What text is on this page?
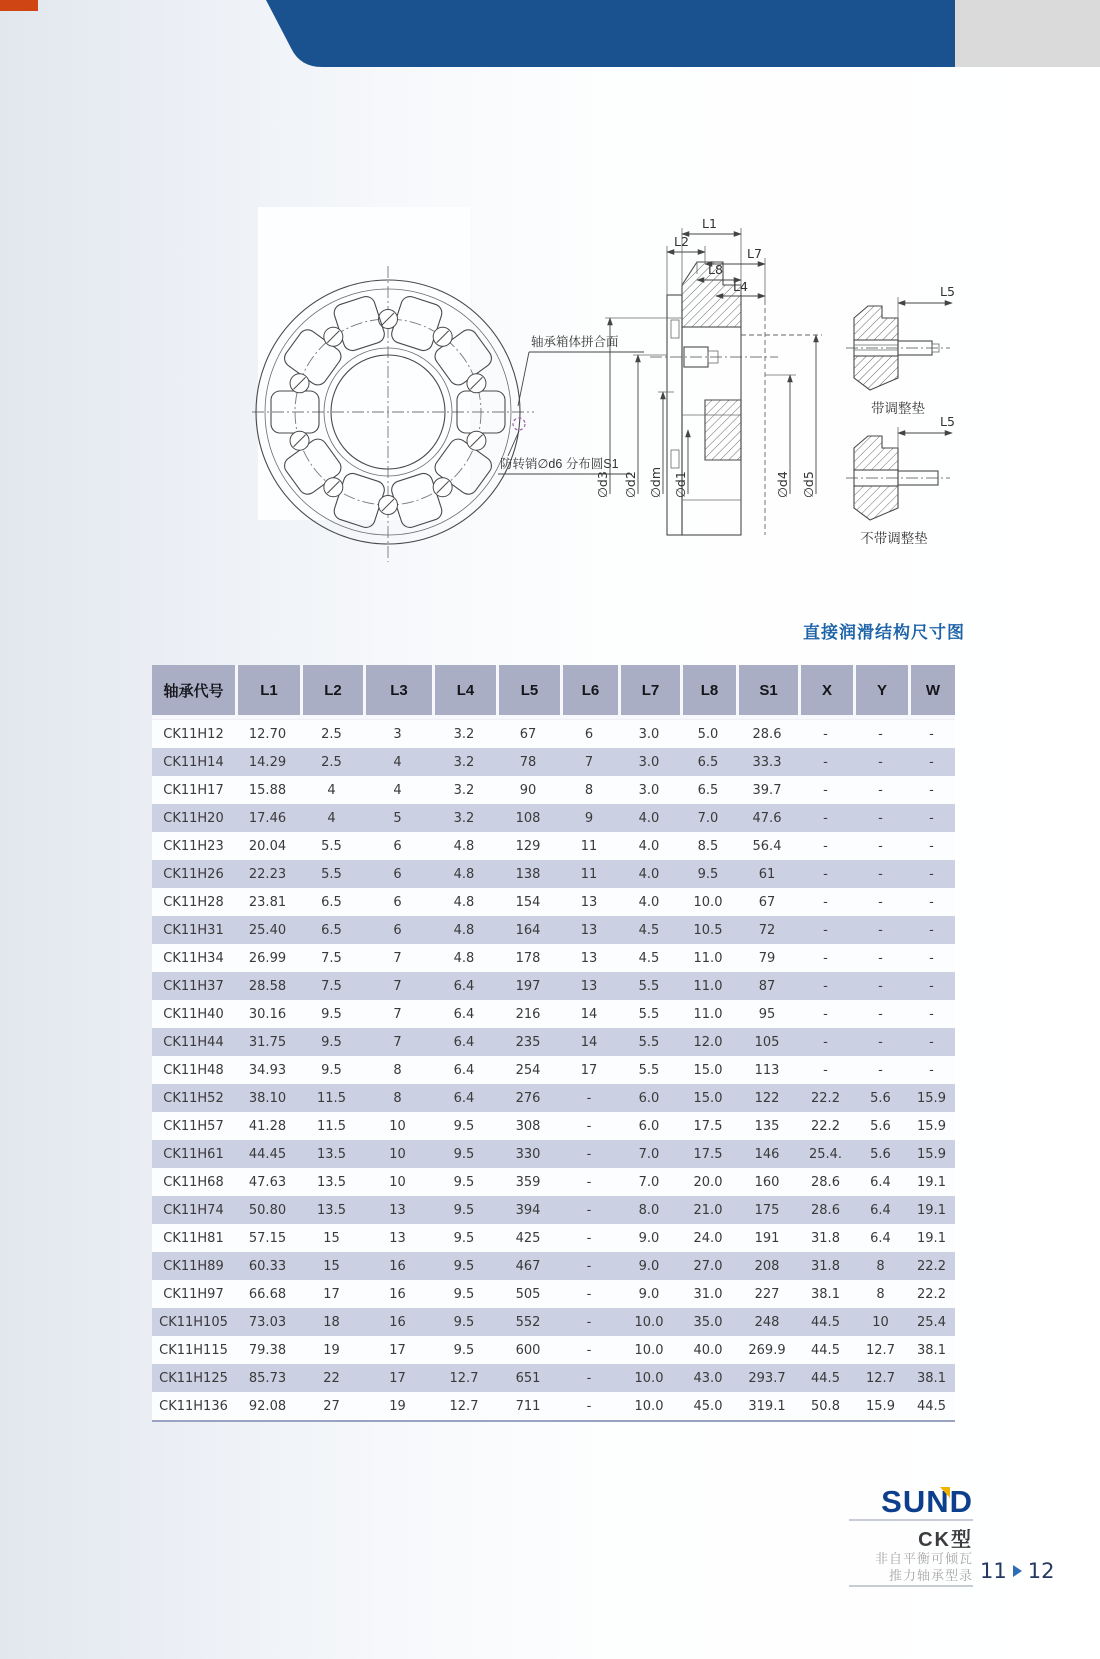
轴承箱体拼合面
防转销∅d6 分布圆S1
L1
L2
L7
L8
L4
∅d3 ∅d2 ∅dm ∅d1	∅d4 ∅d5
L5
带调整垫
L5
不带调整垫
直接润滑结构尺寸图
轴承代号	L1	L2	L3	L4	L5	L6	L7	L8	S1	X	Y	W
CK11H12	12.70	2.5	3	3.2	67	6	3.0	5.0	28.6	-	-	-
CK11H14	14.29	2.5	4	3.2	78	7	3.0	6.5	33.3	-	-	-
CK11H17	15.88	4	4	3.2	90	8	3.0	6.5	39.7	-	-	-
CK11H20	17.46	4	5	3.2	108	9	4.0	7.0	47.6	-	-	-
CK11H23	20.04	5.5	6	4.8	129	11	4.0	8.5	56.4	-	-	-
CK11H26	22.23	5.5	6	4.8	138	11	4.0	9.5	61	-	-	-
CK11H28	23.81	6.5	6	4.8	154	13	4.0	10.0	67	-	-	-
CK11H31	25.40	6.5	6	4.8	164	13	4.5	10.5	72	-	-	-
CK11H34	26.99	7.5	7	4.8	178	13	4.5	11.0	79	-	-	-
CK11H37	28.58	7.5	7	6.4	197	13	5.5	11.0	87	-	-	-
CK11H40	30.16	9.5	7	6.4	216	14	5.5	11.0	95	-	-	-
CK11H44	31.75	9.5	7	6.4	235	14	5.5	12.0	105	-	-	-
CK11H48	34.93	9.5	8	6.4	254	17	5.5	15.0	113	-	-	-
CK11H52	38.10	11.5	8	6.4	276	-	6.0	15.0	122	22.2	5.6	15.9
CK11H57	41.28	11.5	10	9.5	308	-	6.0	17.5	135	22.2	5.6	15.9
CK11H61	44.45	13.5	10	9.5	330	-	7.0	17.5	146	25.4.	5.6	15.9
CK11H68	47.63	13.5	10	9.5	359	-	7.0	20.0	160	28.6	6.4	19.1
CK11H74	50.80	13.5	13	9.5	394	-	8.0	21.0	175	28.6	6.4	19.1
CK11H81	57.15	15	13	9.5	425	-	9.0	24.0	191	31.8	6.4	19.1
CK11H89	60.33	15	16	9.5	467	-	9.0	27.0	208	31.8	8	22.2
CK11H97	66.68	17	16	9.5	505	-	9.0	31.0	227	38.1	8	22.2
CK11H105	73.03	18	16	9.5	552	-	10.0	35.0	248	44.5	10	25.4
CK11H115	79.38	19	17	9.5	600	-	10.0	40.0	269.9	44.5	12.7	38.1
CK11H125	85.73	22	17	12.7	651	-	10.0	43.0	293.7	44.5	12.7	38.1
CK11H136	92.08	27	19	12.7	711	-	10.0	45.0	319.1	50.8	15.9	44.5
SUN
D
CK型
非自平衡可倾瓦
推力轴承型录 11 12
